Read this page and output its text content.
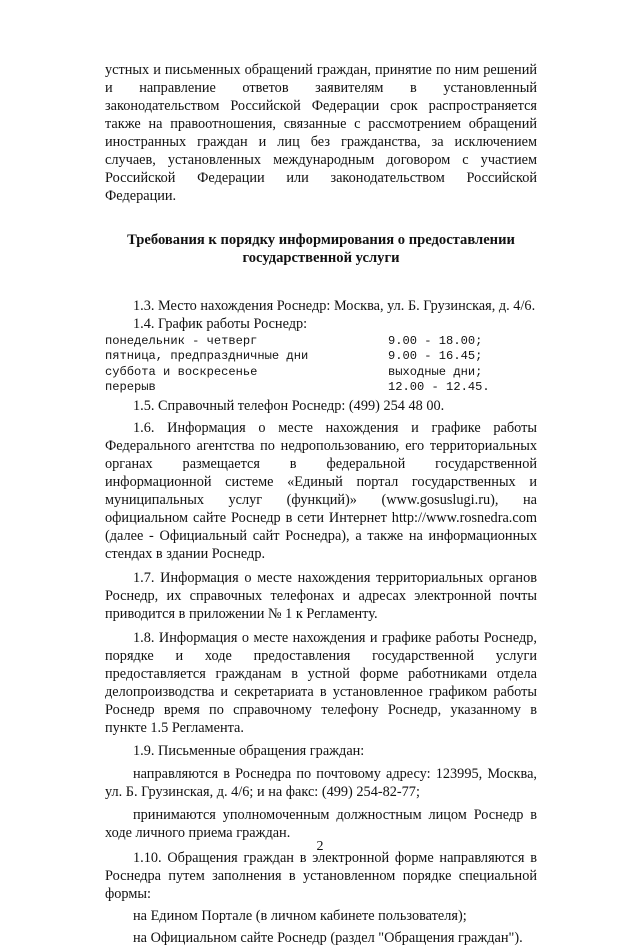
устных и письменных обращений граждан, принятие по ним решений и направление ответов заявителям в установленный законодательством Российской Федерации срок распространяется также на правоотношения, связанные с рассмотрением обращений иностранных граждан и лиц без гражданства, за исключением случаев, установленных международным договором с участием Российской Федерации или законодательством Российской Федерации.

Требования к порядку информирования о предоставлении
государственной услуги

1.3. Место нахождения Роснедр: Москва, ул. Б. Грузинская, д. 4/6.

1.4. График работы Роснедр:

понедельник - четверг	9.00 - 18.00;
пятница, предпраздничные дни	9.00 - 16.45;
суббота и воскресенье	выходные дни;
перерыв	12.00 - 12.45.

1.5. Справочный телефон Роснедр: (499) 254 48 00.

1.6. Информация о месте нахождения и графике работы Федерального агентства по недропользованию, его территориальных органах размещается в федеральной государственной информационной системе «Единый портал государственных и муниципальных услуг (функций)» (www.gosuslugi.ru), на официальном сайте Роснедр в сети Интернет http://www.rosnedra.com (далее - Официальный сайт Роснедра), а также на информационных стендах в здании Роснедр.

1.7. Информация о месте нахождения территориальных органов Роснедр, их справочных телефонах и адресах электронной почты приводится в приложении № 1 к Регламенту.

1.8. Информация о месте нахождения и графике работы Роснедр, порядке и ходе предоставления государственной услуги предоставляется гражданам в устной форме работниками отдела делопроизводства и секретариата в установленное графиком работы Роснедр время по справочному телефону Роснедр, указанному в пункте 1.5 Регламента.

1.9. Письменные обращения граждан:

направляются в Роснедра по почтовому адресу: 123995, Москва, ул. Б. Грузинская, д. 4/6; и на факс: (499) 254-82-77;

принимаются уполномоченным должностным лицом Роснедр в ходе личного приема граждан.

1.10. Обращения граждан в электронной форме направляются в Роснедра путем заполнения в установленном порядке специальной формы:

на Едином Портале (в личном кабинете пользователя);

на Официальном сайте Роснедр (раздел "Обращения граждан").

2
